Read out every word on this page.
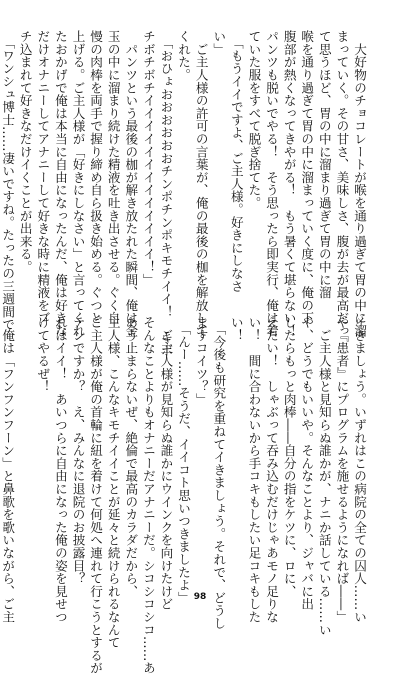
　大好物のチョコレートが喉を通り過ぎて胃の中に溜
まっていく。その甘さ、美味しさ、腹が去が最高だっ
て思うほど、胃の中に溜まり過ぎて胃の中に溜
喉を通り過ぎて胃の中に溜まっていく度に、俺の下
腹部が熱くなってきやがる！　もう暑くて堪らない！
パンツも脱いでやる！　そう思ったら即実行、俺は着
ていた服をすべて脱ぎ捨てた。
　「もうイイですよ、ご主人様。好きにしなさ
い」
　ご主人様の許可の言葉が、俺の最後の枷を解放して
くれた。
　「おひょおおおおおおチンポチンポキモチイイ！　キボ
チボチボチイイイイイイイイイイイイイ！」
　パンツという最後の枷が解き放たれた瞬間、俺は金
玉の中に溜まり続けた精液を吐き出させる。ぐく自
慢の肉棒を両手で握り締め自ら扱き始める。ぐつと
上げる。ご主人様が「好きにしなさい」と言ってくれ
たおかげで俺は本当に自由になったんだ、俺は好きな
だけオナニーしてアナニーして好きな時に精液をブ
チ込まれて好きなだけイくことが出来る。
　「ワンシュ博士……凄いですね。たったの三週間で
イきましょう。いずれはこの病院の全ての囚人……い
や『患者』にプログラムを施せるようになれば――」
　ご主人様と見知らぬ誰かが、ナニか話している……い
や、どうでもいいや。そんなことより、ジャバに出
したらもっと肉棒――自分の指をケツに、ロに、
えたい！　しゃぶって吞み込むだけじゃあモノ足りな
い！　間に合わないから手コキもしたい足コキもした
い！
　「今後も研究を重ねてイきましょう。それで、どうし
ますコイツ？」
　「んー……そうだ、イイコト思いつきましたよ」
　ご主人様が見知らぬ誰かにウインクを向けたけど
そんなことよりもオナニーだアナニーだ。シコシコシコ……あ
あう止まらないぜ、絶倫で最高のカラダだから、
主人様、こんなキモチイイことが延々と続けられるなんて
ご主人様が俺の首輪に紐を着けて何処へ連れて行こうとするが
テンですか？　え、みんなに退院のお披露目？
れはイイ！　あいつらに自由になった俺の姿を見せつ
けてやるぜ！

　俺は「フンフンフーン」と鼻歌を歌いながら、ご主	98
